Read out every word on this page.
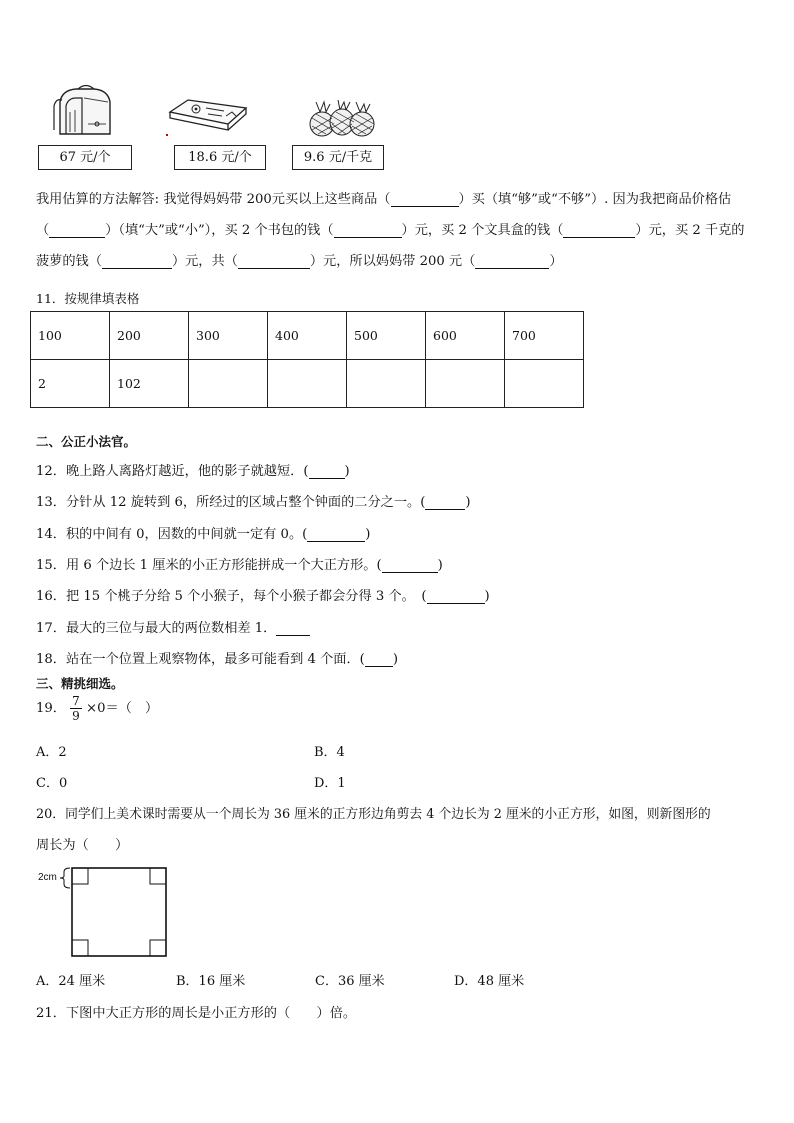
67 元/个	18.6 元/个	9.6 元/千克
我用估算的方法解答: 我觉得妈妈带 200元买以上这些商品（	）买（填“够”或“不够”）. 因为我把商品价格估
（	）（填“大”或“小”），买 2 个书包的钱（	）元，买 2 个文具盒的钱（	）元，买 2 千克的
菠萝的钱（	）元，共（	）元，所以妈妈带 200 元（	）
11．按规律填表格
100	200	300	400	500	600	700
2	102					
二、公正小法官。
12．晚上路人离路灯越近，他的影子就越短．(	)
13．分针从 12 旋转到 6，所经过的区域占整个钟面的二分之一。(	)
14．积的中间有 0，因数的中间就一定有 0。(	)
15．用 6 个边长 1 厘米的小正方形能拼成一个大正方形。(	)
16．把 15 个桃子分给 5 个小猴子，每个小猴子都会分得 3 个。　(	)
17．最大的三位与最大的两位数相差 1．
18．站在一个位置上观察物体，最多可能看到 4 个面．( )
三、精挑细选。
19． $\frac{7}{9} \times 0=$（　）
A．2	B．4
C．0	D．1
20．同学们上美术课时需要从一个周长为 36 厘米的正方形边角剪去 4 个边长为 2 厘米的小正方形，如图，则新图形的
周长为（　　）
2cm
A．24 厘米	B．16 厘米	C．36 厘米	D．48 厘米
21．下图中大正方形的周长是小正方形的（　　）倍。
